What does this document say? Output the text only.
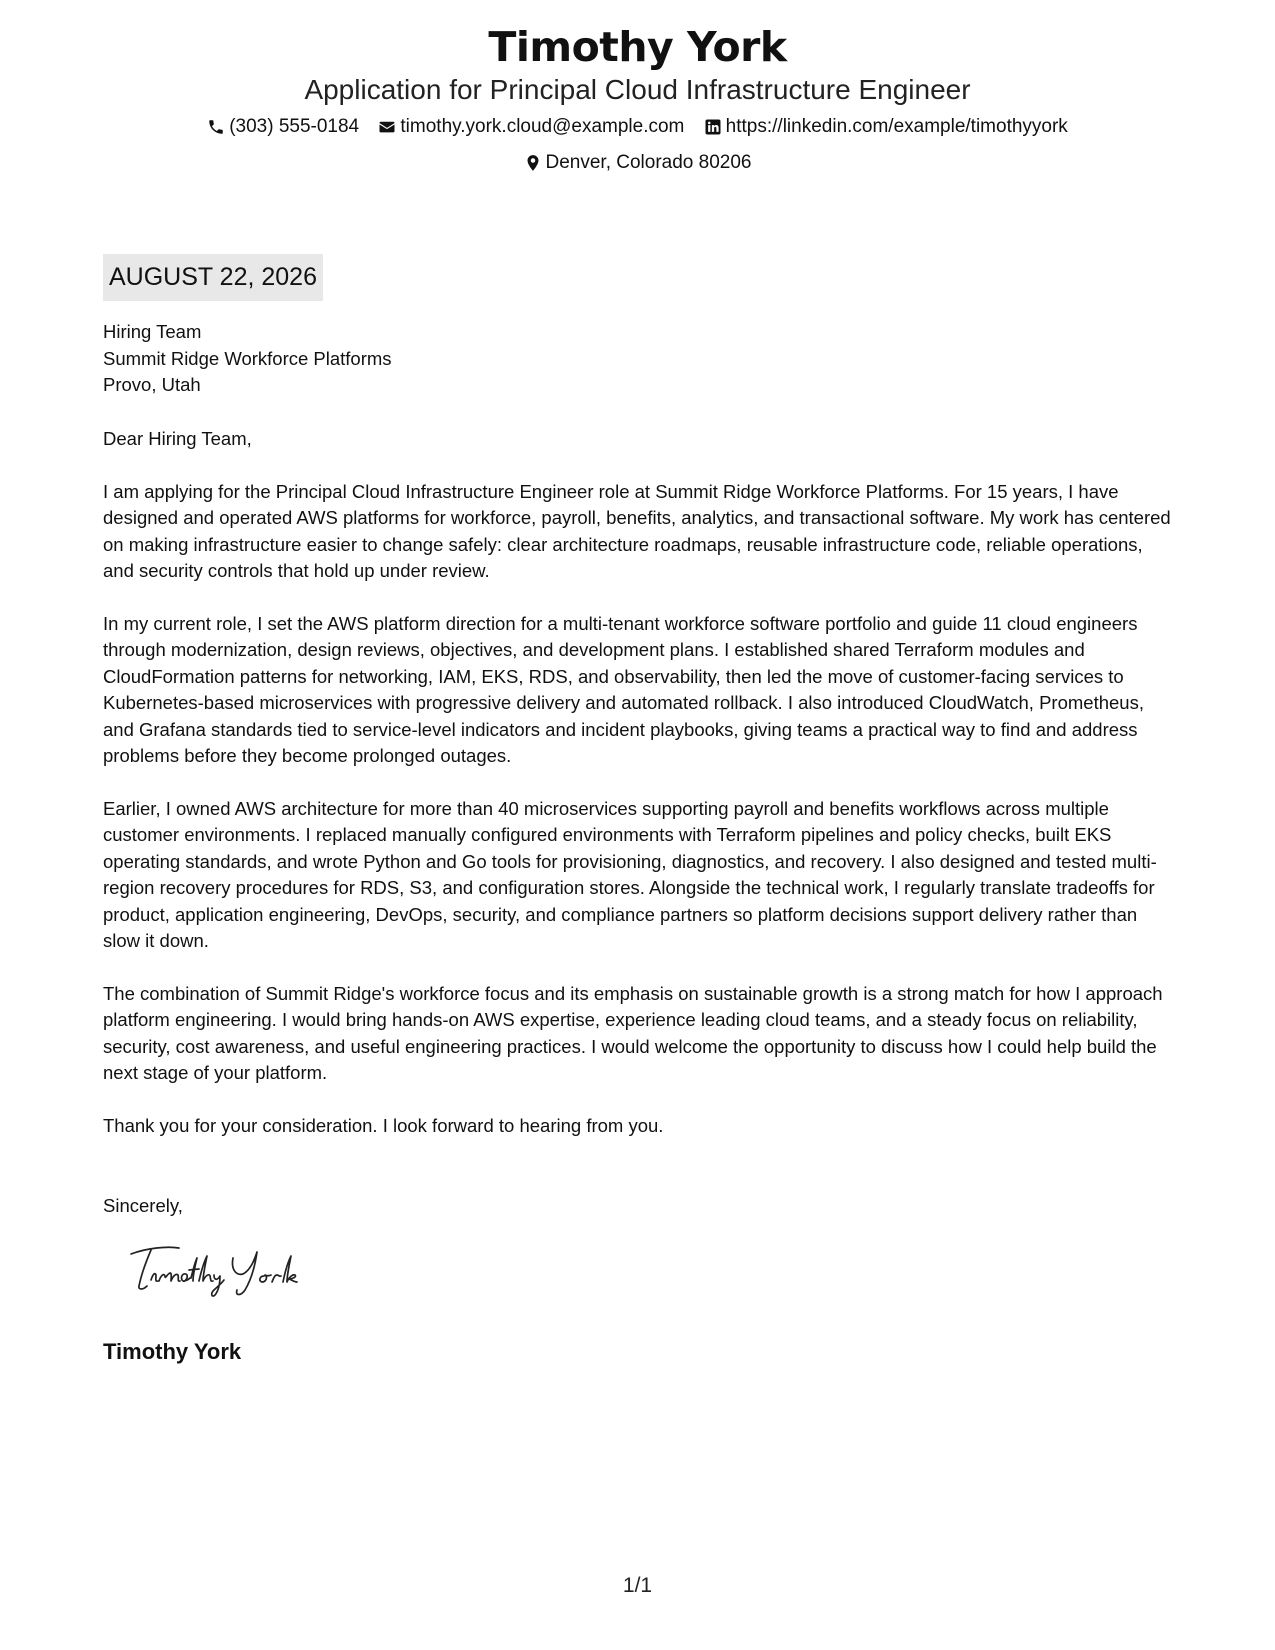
Timothy York
Application for Principal Cloud Infrastructure Engineer
(303) 555-0184
timothy.york.cloud@example.com
https://linkedin.com/example/timothyyork
Denver, Colorado 80206
AUGUST 22, 2026
Hiring Team
Summit Ridge Workforce Platforms
Provo, Utah

Dear Hiring Team,

I am applying for the Principal Cloud Infrastructure Engineer role at Summit Ridge Workforce Platforms. For 15 years, I have designed and operated AWS platforms for workforce, payroll, benefits, analytics, and transactional software. My work has centered on making infrastructure easier to change safely: clear architecture roadmaps, reusable infrastructure code, reliable operations, and security controls that hold up under review.

In my current role, I set the AWS platform direction for a multi-tenant workforce software portfolio and guide 11 cloud engineers through modernization, design reviews, objectives, and development plans. I established shared Terraform modules and CloudFormation patterns for networking, IAM, EKS, RDS, and observability, then led the move of customer-facing services to Kubernetes-based microservices with progressive delivery and automated rollback. I also introduced CloudWatch, Prometheus, and Grafana standards tied to service-level indicators and incident playbooks, giving teams a practical way to find and address problems before they become prolonged outages.

Earlier, I owned AWS architecture for more than 40 microservices supporting payroll and benefits workflows across multiple customer environments. I replaced manually configured environments with Terraform pipelines and policy checks, built EKS operating standards, and wrote Python and Go tools for provisioning, diagnostics, and recovery. I also designed and tested multi-region recovery procedures for RDS, S3, and configuration stores. Alongside the technical work, I regularly translate tradeoffs for product, application engineering, DevOps, security, and compliance partners so platform decisions support delivery rather than slow it down.

The combination of Summit Ridge's workforce focus and its emphasis on sustainable growth is a strong match for how I approach platform engineering. I would bring hands-on AWS expertise, experience leading cloud teams, and a steady focus on reliability, security, cost awareness, and useful engineering practices. I would welcome the opportunity to discuss how I could help build the next stage of your platform.

Thank you for your consideration. I look forward to hearing from you.

Sincerely,
Timothy York
1/1
